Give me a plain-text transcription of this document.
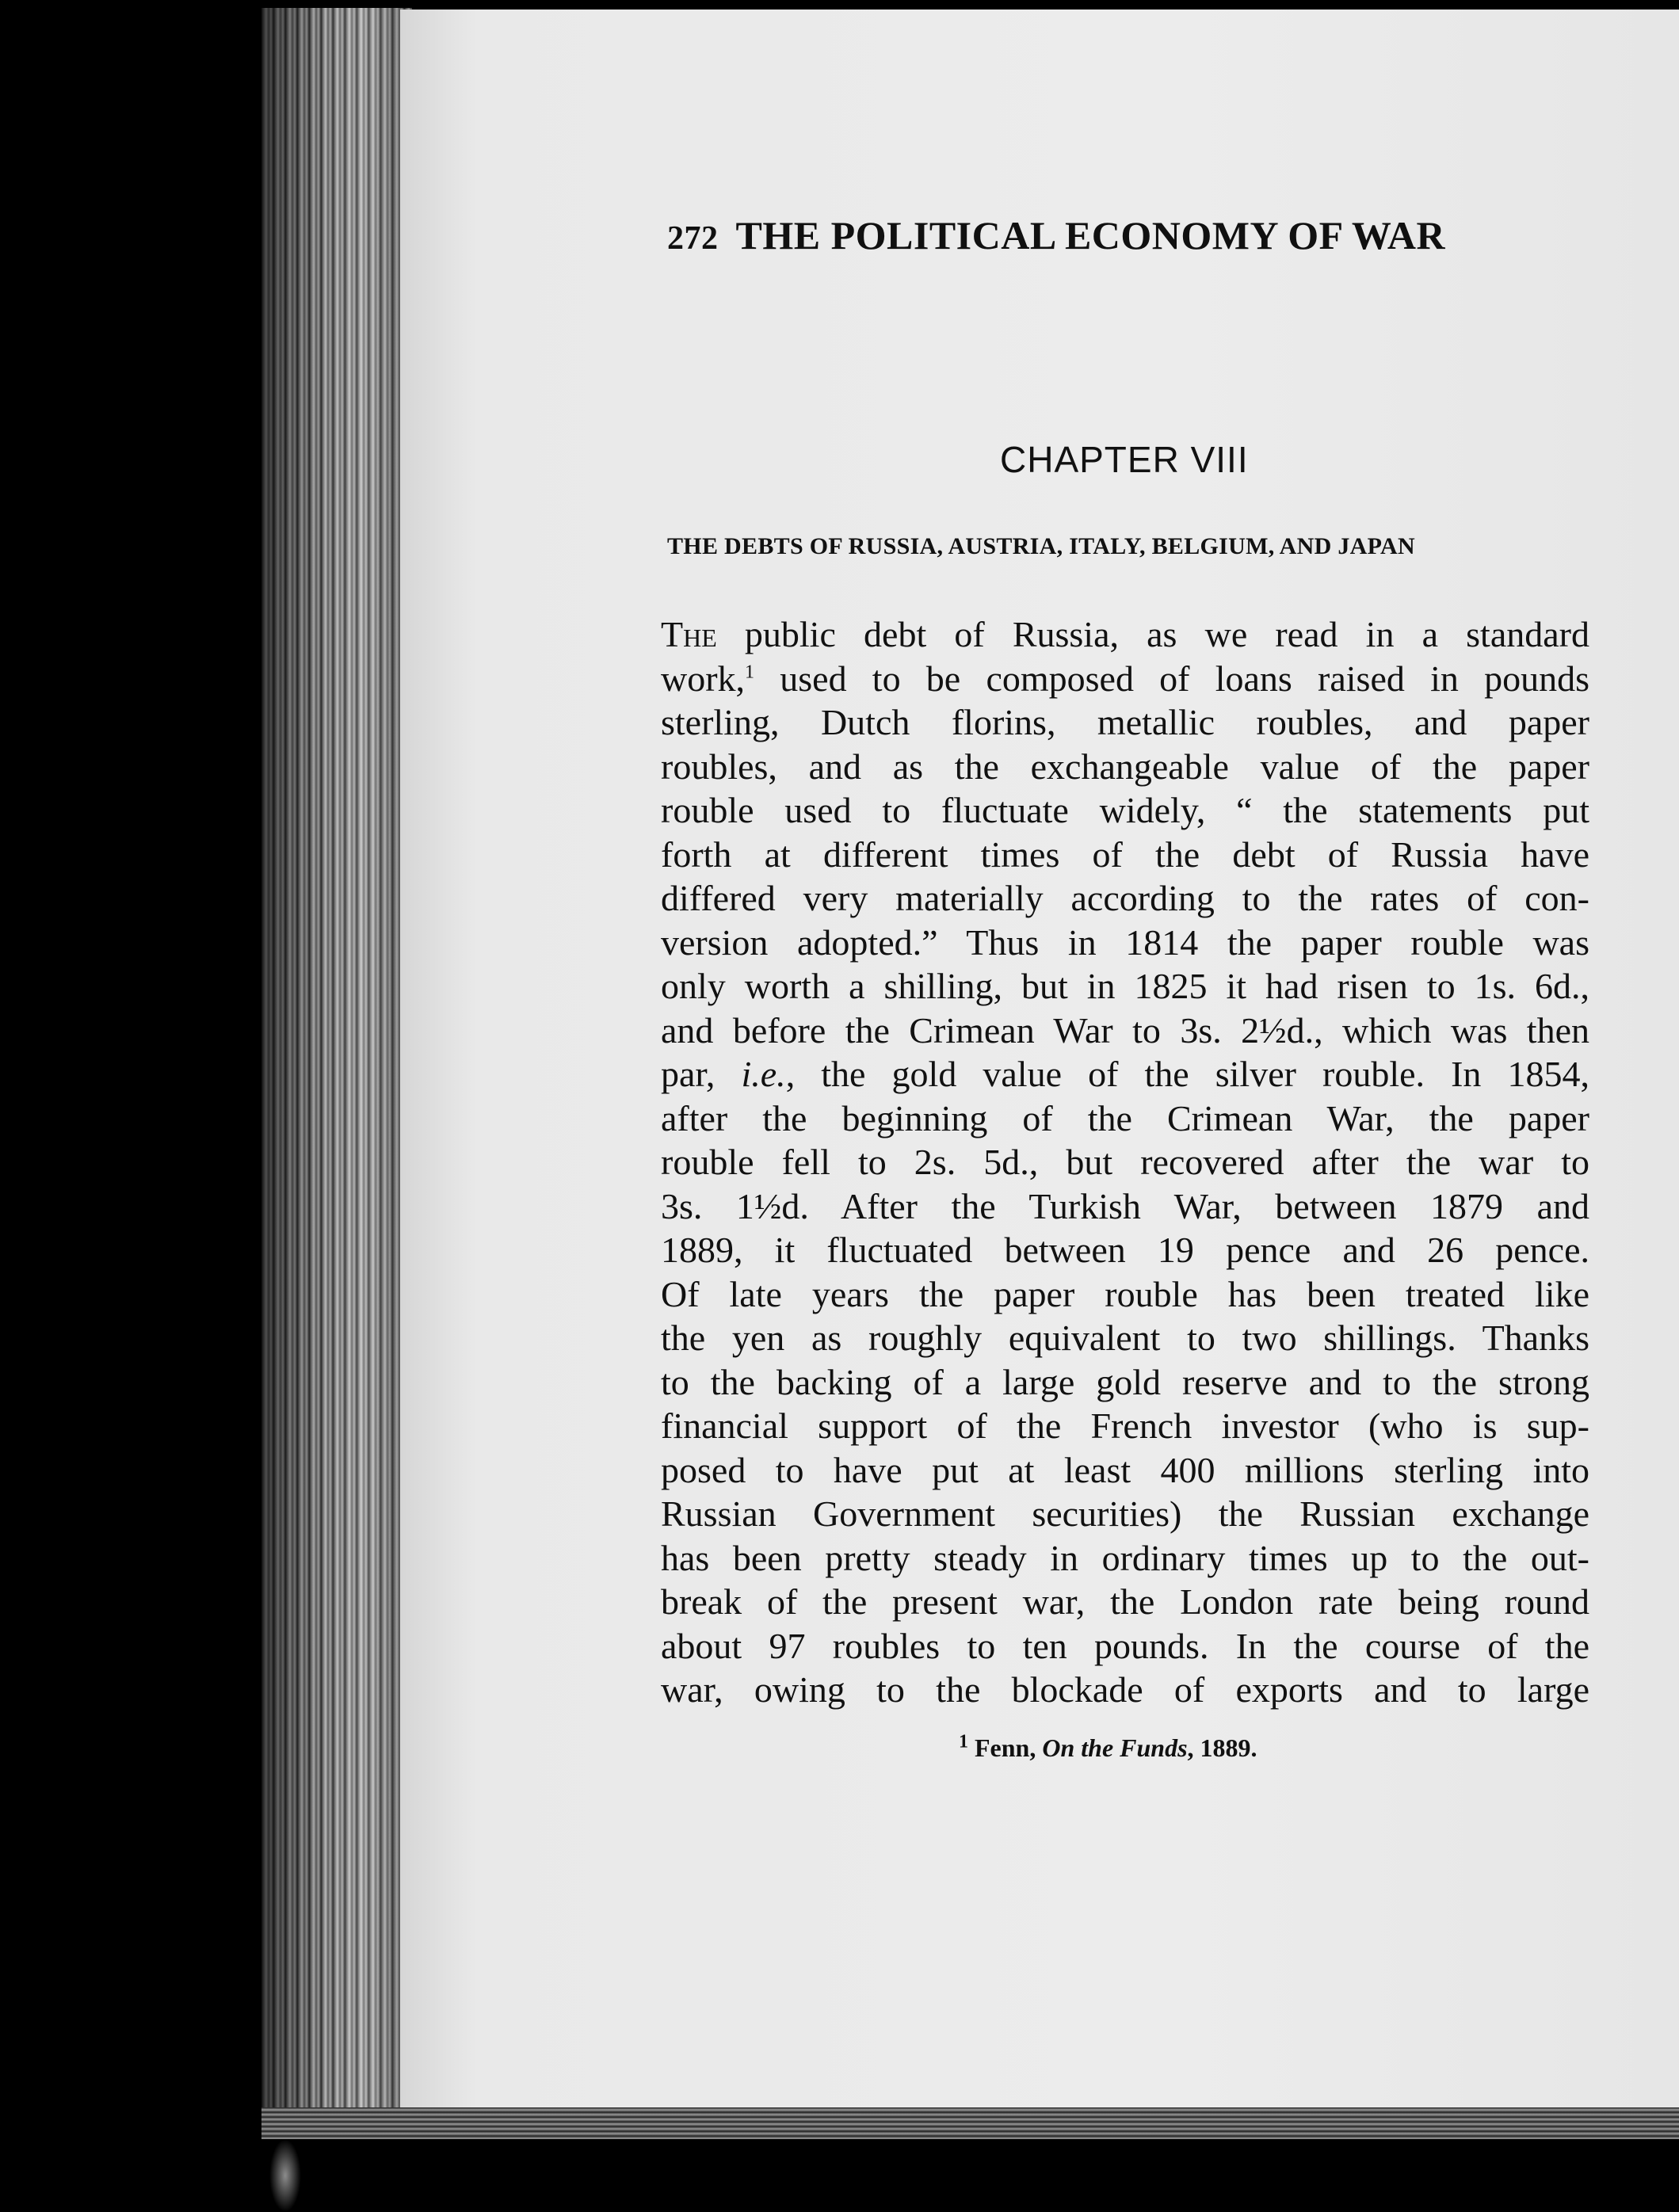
272 THE POLITICAL ECONOMY OF WAR
CHAPTER VIII
THE DEBTS OF RUSSIA, AUSTRIA, ITALY, BELGIUM, AND JAPAN
The public debt of Russia, as we read in a standard
work,$^1$ used to be composed of loans raised in pounds
sterling, Dutch florins, metallic roubles, and paper
roubles, and as the exchangeable value of the paper
rouble used to fluctuate widely, “ the statements put
forth at different times of the debt of Russia have
differed very materially according to the rates of con-
version adopted.” Thus in 1814 the paper rouble was
only worth a shilling, but in 1825 it had risen to 1s. 6d.,
and before the Crimean War to 3s. 2½d., which was then
par, i.e., the gold value of the silver rouble. In 1854,
after the beginning of the Crimean War, the paper
rouble fell to 2s. 5d., but recovered after the war to
3s. 1½d. After the Turkish War, between 1879 and
1889, it fluctuated between 19 pence and 26 pence.
Of late years the paper rouble has been treated like
the yen as roughly equivalent to two shillings. Thanks
to the backing of a large gold reserve and to the strong
financial support of the French investor (who is sup-
posed to have put at least 400 millions sterling into
Russian Government securities) the Russian exchange
has been pretty steady in ordinary times up to the out-
break of the present war, the London rate being round
about 97 roubles to ten pounds. In the course of the
war, owing to the blockade of exports and to large
$^1$ Fenn, On the Funds, 1889.
